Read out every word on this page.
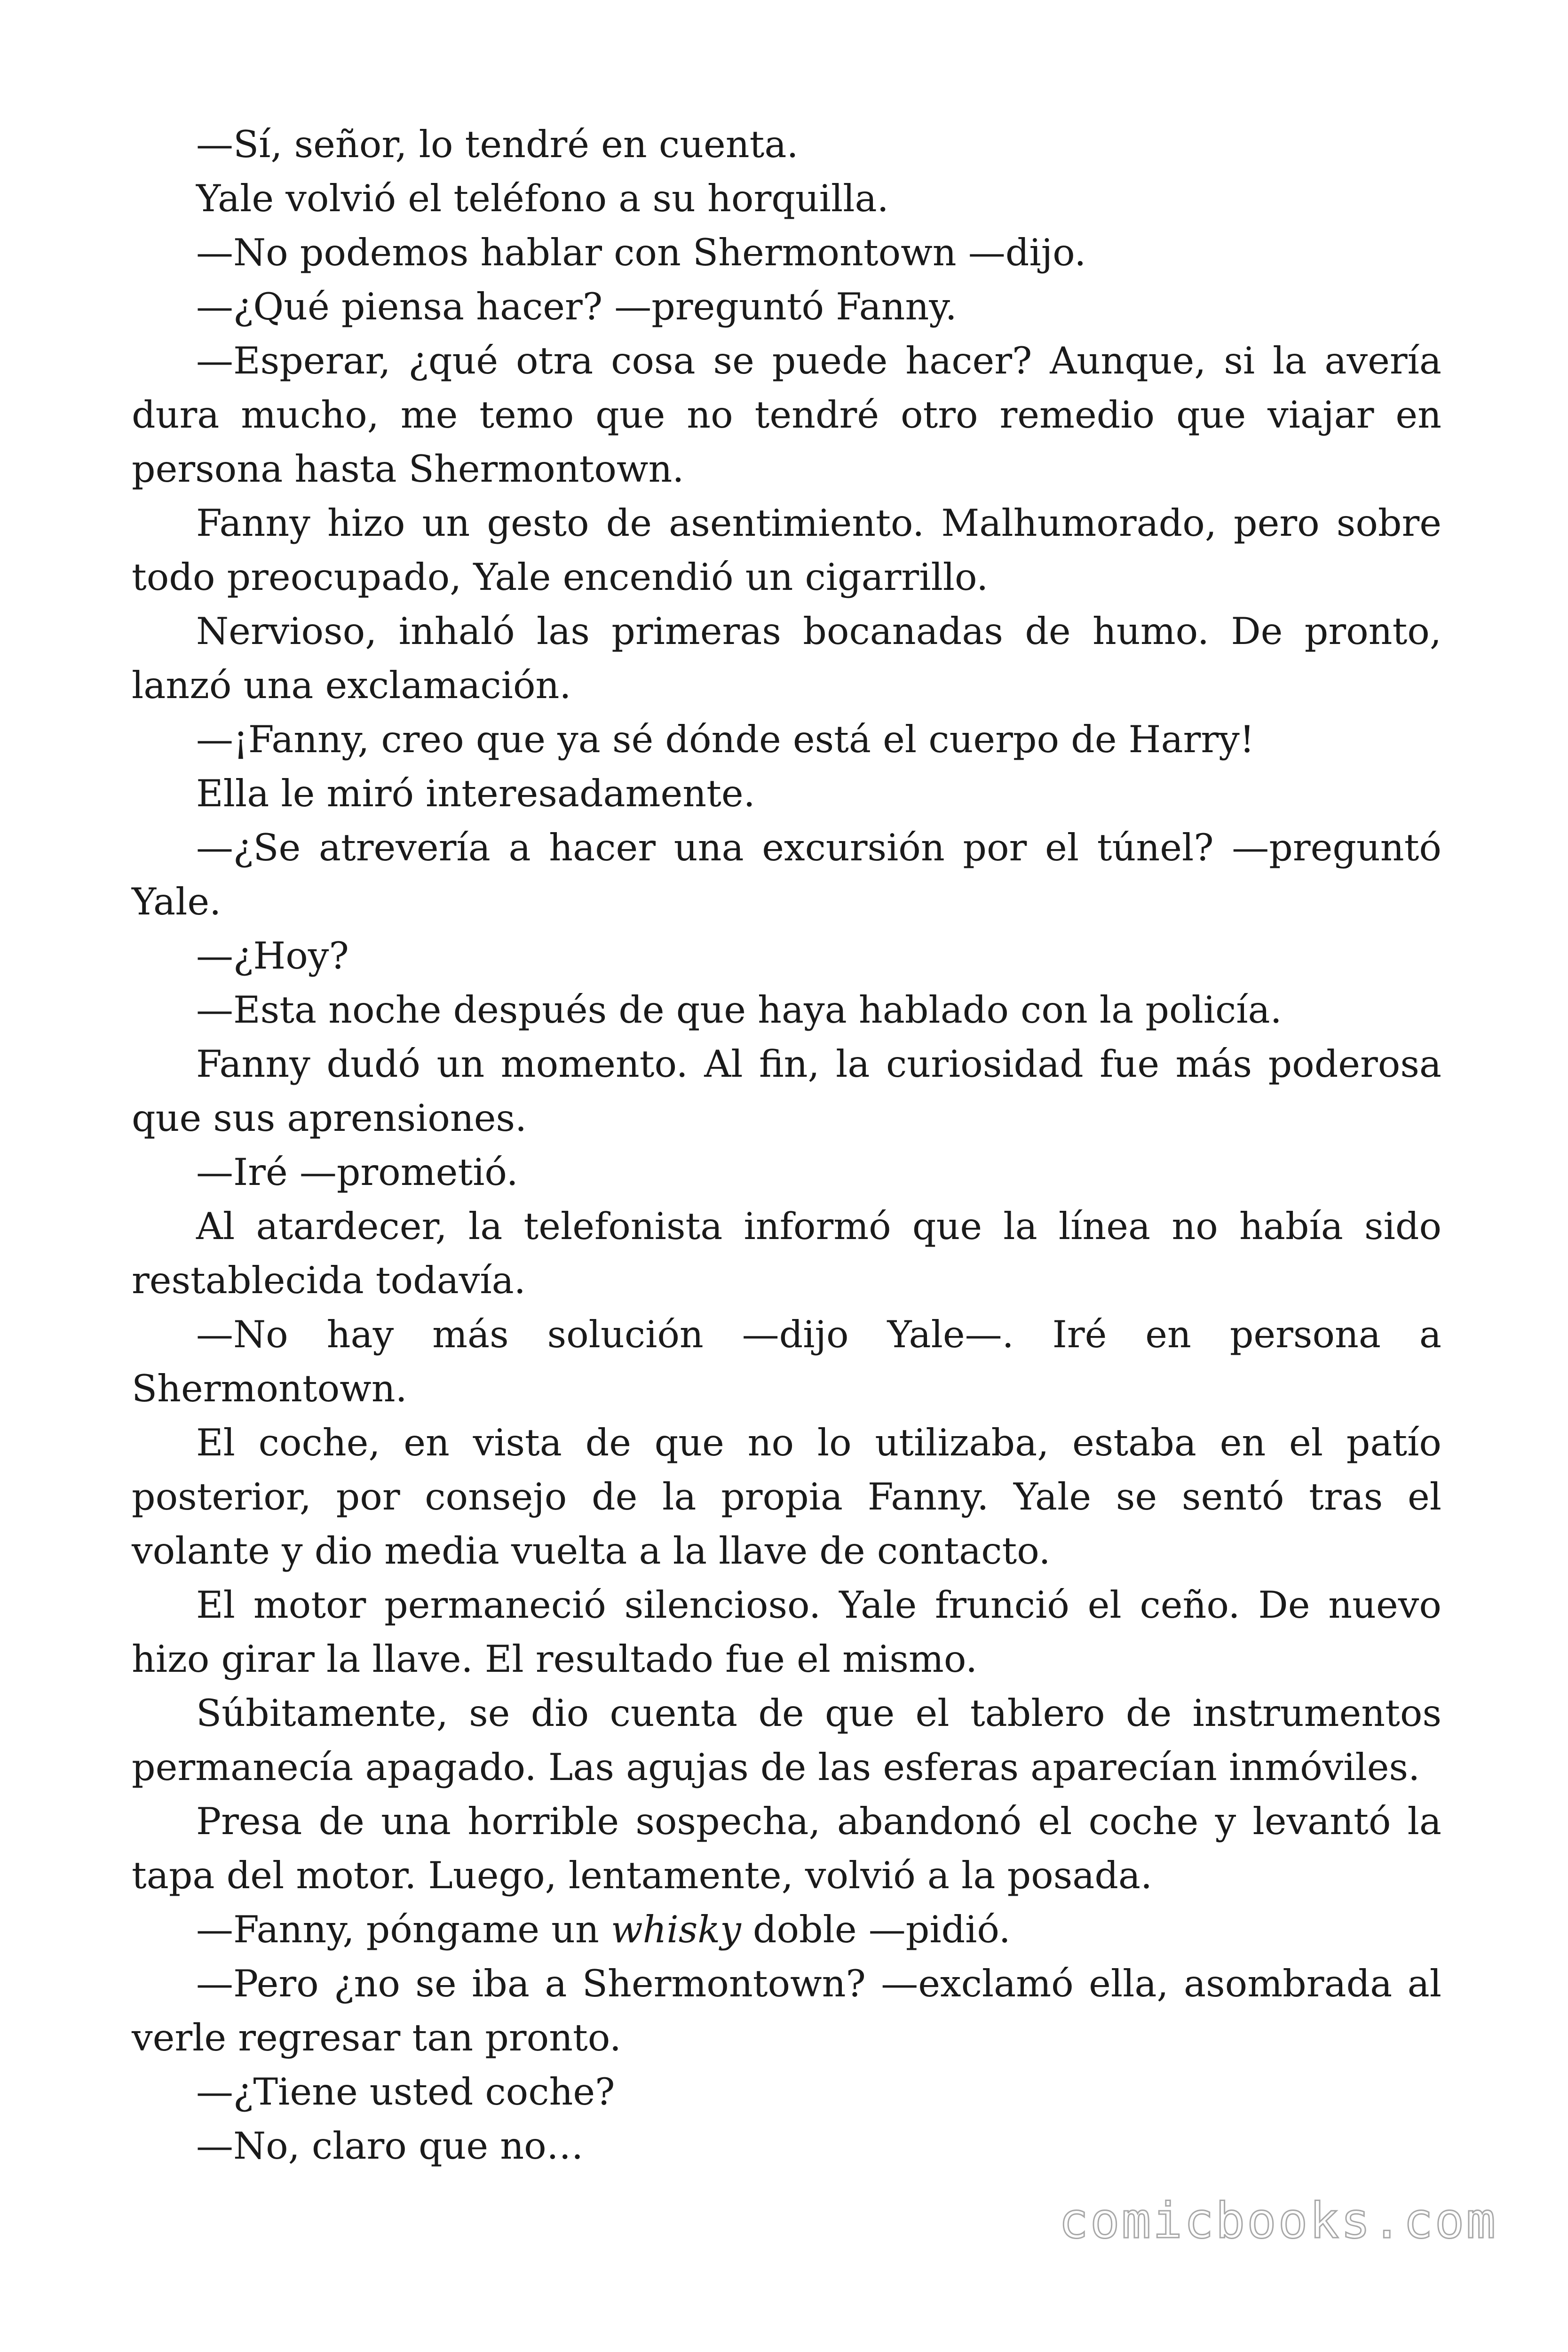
—Sí, señor, lo tendré en cuenta.

Yale volvió el teléfono a su horquilla.

—No podemos hablar con Shermontown —dijo.

—¿Qué piensa hacer? —preguntó Fanny.

—Esperar, ¿qué otra cosa se puede hacer? Aunque, si la avería dura mucho, me temo que no tendré otro remedio que viajar en persona hasta Shermontown.

Fanny hizo un gesto de asentimiento. Malhumorado, pero sobre todo preocupado, Yale encendió un cigarrillo.

Nervioso, inhaló las primeras bocanadas de humo. De pronto, lanzó una exclamación.

—¡Fanny, creo que ya sé dónde está el cuerpo de Harry!

Ella le miró interesadamente.

—¿Se atrevería a hacer una excursión por el túnel? —preguntó Yale.

—¿Hoy?

—Esta noche después de que haya hablado con la policía.

Fanny dudó un momento. Al fin, la curiosidad fue más poderosa que sus aprensiones.

—Iré —prometió.

Al atardecer, la telefonista informó que la línea no había sido restablecida todavía.

—No hay más solución —dijo Yale—. Iré en persona a Shermontown.

El coche, en vista de que no lo utilizaba, estaba en el patío posterior, por consejo de la propia Fanny. Yale se sentó tras el volante y dio media vuelta a la llave de contacto.

El motor permaneció silencioso. Yale frunció el ceño. De nuevo hizo girar la llave. El resultado fue el mismo.

Súbitamente, se dio cuenta de que el tablero de instrumentos permanecía apagado. Las agujas de las esferas aparecían inmóviles.

Presa de una horrible sospecha, abandonó el coche y levantó la tapa del motor. Luego, lentamente, volvió a la posada.

—Fanny, póngame un whisky doble —pidió.

—Pero ¿no se iba a Shermontown? —exclamó ella, asombrada al verle regresar tan pronto.

—¿Tiene usted coche?

—No, claro que no…

comicbooks.com
